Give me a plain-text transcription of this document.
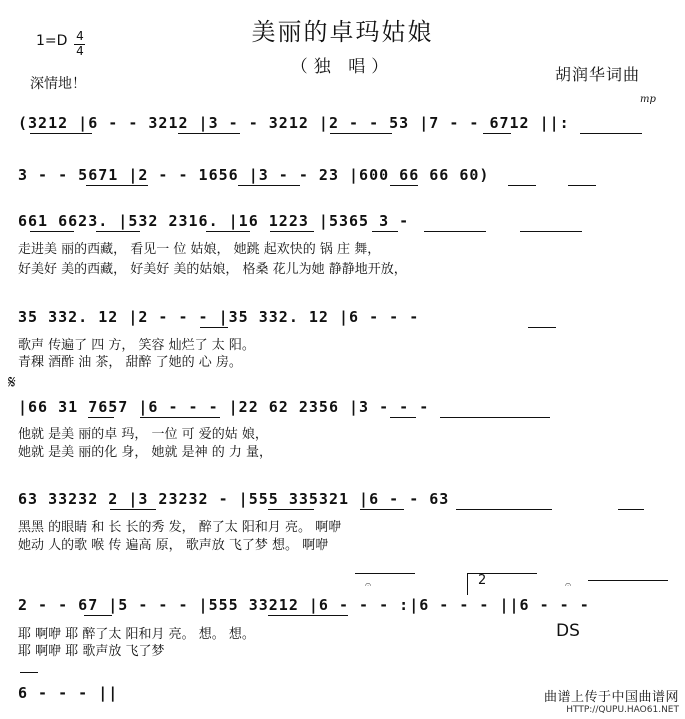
美丽的卓玛姑娘
（独 唱）
1=D 4
4
深情地！	胡润华词曲
mp
(3212 |6 - - 3212 |3 - - 3212 |2 - - 53 |7 - - 6712 ||:
3 - - 5671 |2 - - 1656 |3 - - 23 |600 66 66 60)
661 6623. |532 2316. |16 1223 |5365 3 -
走进美 丽的西藏， 看见一 位 姑娘， 她跳 起欢快的 锅 庄 舞，
好美好 美的西藏， 好美好 美的姑娘， 格桑 花儿为她 静静地开放，
35 332. 12 |2 - - - |35 332. 12 |6 - - -
歌声 传遍了 四 方， 笑容 灿烂了 太 阳。
青稞 酒酢 油 茶， 甜醉 了她的 心 房。
𝄋
|66 31 7657 |6 - - - |22 62 2356 |3 - - -
他就 是美 丽的卓 玛， 一位 可 爱的姑 娘，
她就 是美 丽的化 身， 她就 是神 的 力 量，
63 33232 2 |3 23232 - |555 335321 |6 - - 63
黑黑 的眼睛 和 长 长的秀 发， 醉了太 阳和月 亮。 啊咿
她动 人的歌 喉 传 遍高 原， 歌声放 飞了梦 想。 啊咿
𝄐	2	𝄐
2 - - 67 |5 - - - |555 33212 |6 - - - :|6 - - - ||6 - - -
DS
耶 啊咿 耶 醉了太 阳和月 亮。 想。 想。
耶 啊咿 耶 歌声放 飞了梦
6 - - - ||	曲谱上传于中国曲谱网
HTTP://QUPU.HAO61.NET
